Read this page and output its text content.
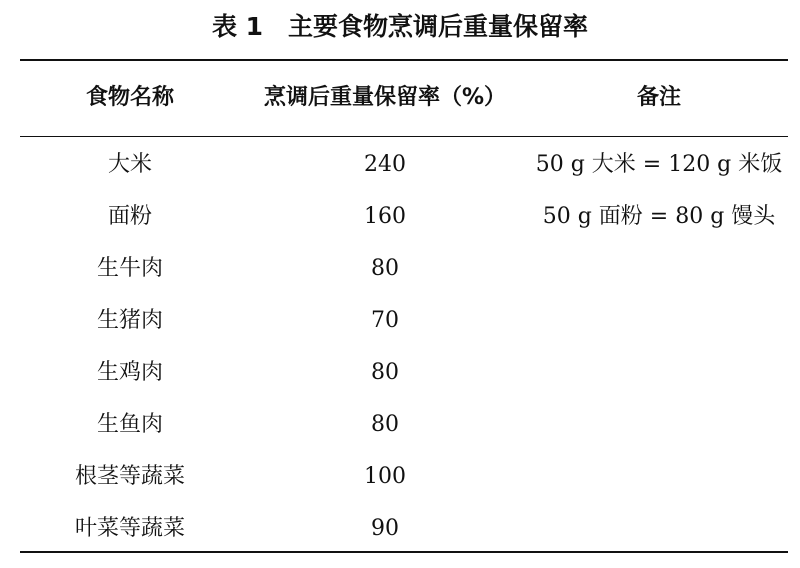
表 1　主要食物烹调后重量保留率
食物名称	烹调后重量保留率（%）	备注
大米	240	50 g 大米 = 120 g 米饭
面粉	160	50 g 面粉 = 80 g 馒头
生牛肉	80
生猪肉	70
生鸡肉	80
生鱼肉	80
根茎等蔬菜	100
叶菜等蔬菜	90
